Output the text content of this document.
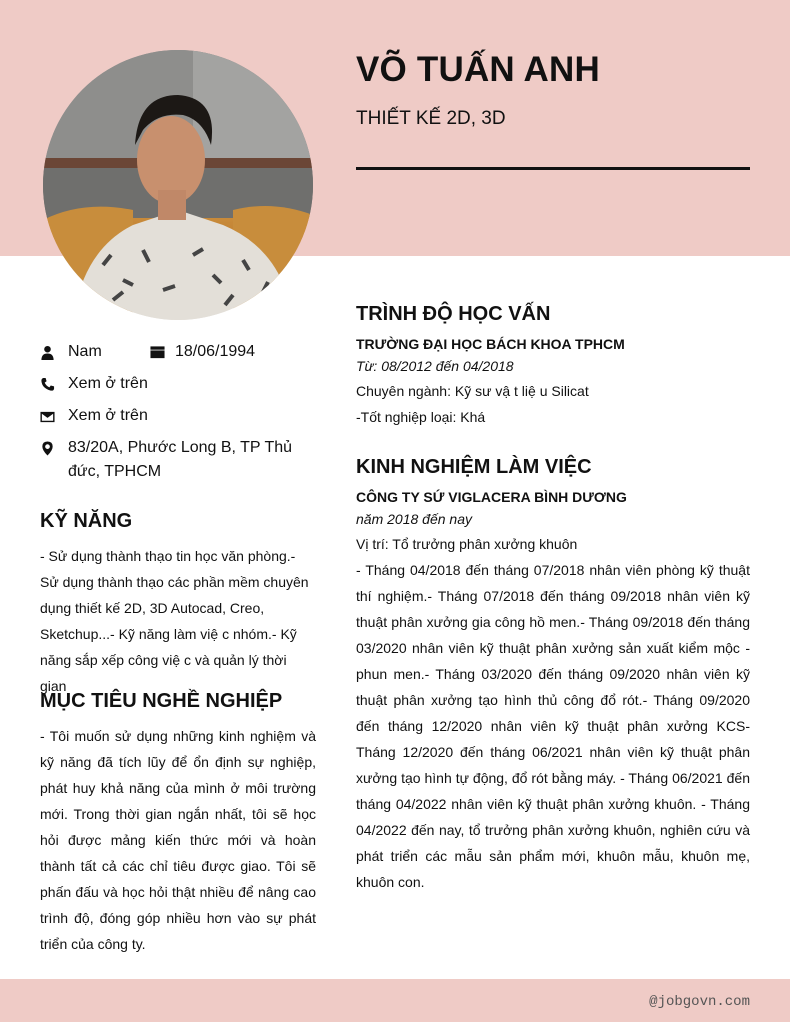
VÕ TUẤN ANH
THIẾT KẾ 2D, 3D
Nam	18/06/1994
Xem ở trên
Xem ở trên
83/20A, Phước Long B, TP Thủ đức, TPHCM
KỸ NĂNG
- Sử dụng thành thạo tin học văn phòng.- Sử dụng thành thạo các phần mềm chuyên dụng thiết kế 2D, 3D Autocad, Creo, Sketchup...- Kỹ năng làm việ c nhóm.- Kỹ năng sắp xếp công việ c và quản lý thời gian
MỤC TIÊU NGHỀ NGHIỆP
- Tôi muốn sử dụng những kinh nghiệm và kỹ năng đã tích lũy để ổn định sự nghiệp, phát huy khả năng của mình ở môi trường mới. Trong thời gian ngắn nhất, tôi sẽ học hỏi được mảng kiến thức mới và hoàn thành tất cả các chỉ tiêu được giao. Tôi sẽ phấn đấu và học hỏi thật nhiều để nâng cao trình độ, đóng góp nhiều hơn vào sự phát triển của công ty.
TRÌNH ĐỘ HỌC VẤN
TRƯỜNG ĐẠI HỌC BÁCH KHOA TPHCM
Từ: 08/2012 đến 04/2018
Chuyên ngành: Kỹ sư vậ t liệ u Silicat
-Tốt nghiệp loại: Khá
KINH NGHIỆM LÀM VIỆC
CÔNG TY SỨ VIGLACERA BÌNH DƯƠNG
năm 2018 đến nay
Vị trí: Tổ trưởng phân xưởng khuôn
- Tháng 04/2018 đến tháng 07/2018 nhân viên phòng kỹ thuật thí nghiệm.- Tháng 07/2018 đến tháng 09/2018 nhân viên kỹ thuật phân xưởng gia công hồ men.- Tháng 09/2018 đến tháng 03/2020 nhân viên kỹ thuật phân xưởng sản xuất kiểm mộc - phun men.- Tháng 03/2020 đến tháng 09/2020 nhân viên kỹ thuật phân xưởng tạo hình thủ công đổ rót.- Tháng 09/2020 đến tháng 12/2020 nhân viên kỹ thuật phân xưởng KCS- Tháng 12/2020 đến tháng 06/2021 nhân viên kỹ thuật phân xưởng tạo hình tự động, đổ rót bằng máy. - Tháng 06/2021 đến tháng 04/2022 nhân viên kỹ thuật phân xưởng khuôn. - Tháng 04/2022 đến nay, tổ trưởng phân xưởng khuôn, nghiên cứu và phát triển các mẫu sản phẩm mới, khuôn mẫu, khuôn mẹ, khuôn con.
@jobgovn.com
